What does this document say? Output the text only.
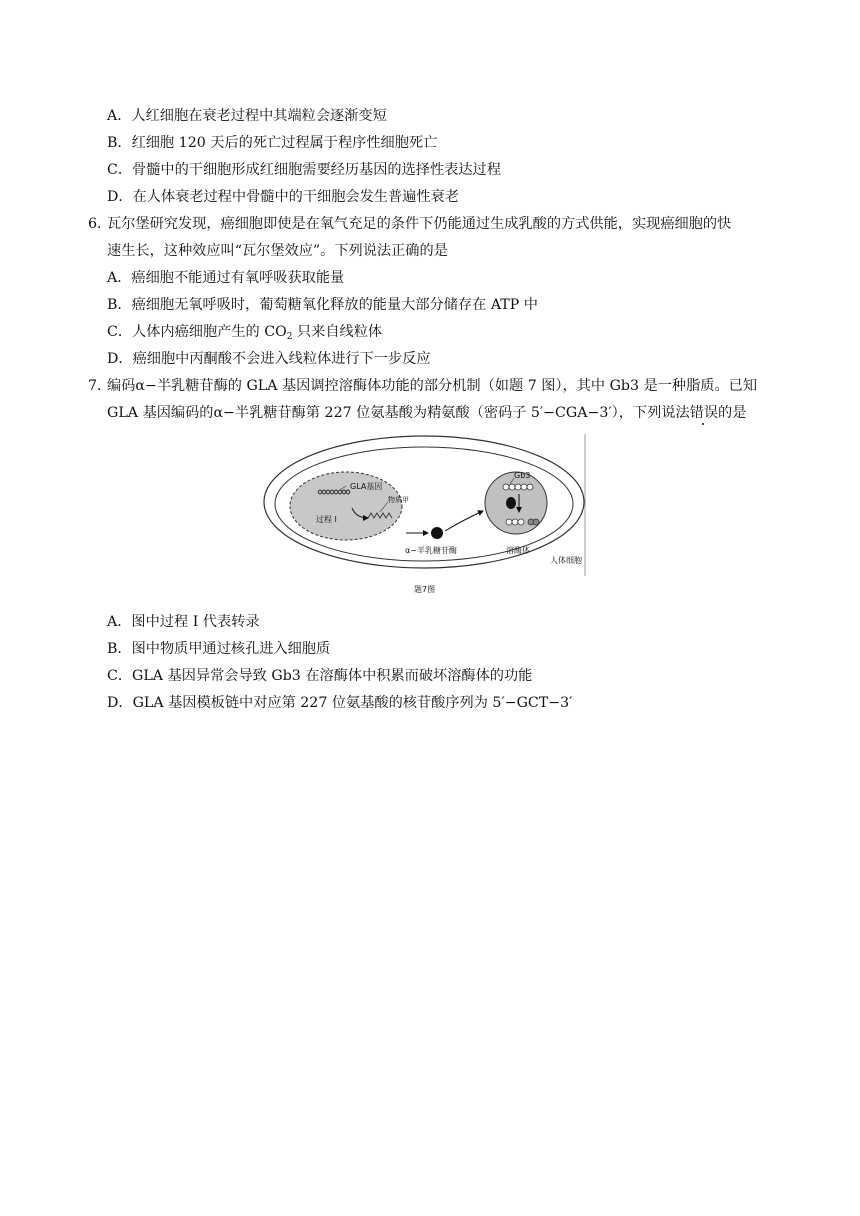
A．人红细胞在衰老过程中其端粒会逐渐变短
B．红细胞 120 天后的死亡过程属于程序性细胞死亡
C．骨髓中的干细胞形成红细胞需要经历基因的选择性表达过程
D．在人体衰老过程中骨髓中的干细胞会发生普遍性衰老
6．
瓦尔堡研究发现，癌细胞即使是在氧气充足的条件下仍能通过生成乳酸的方式供能，实现癌细胞的快
速生长，这种效应叫“瓦尔堡效应”。下列说法正确的是
A．癌细胞不能通过有氧呼吸获取能量
B．癌细胞无氧呼吸时，葡萄糖氧化释放的能量大部分储存在 ATP 中
C．人体内癌细胞产生的 $CO_2$ 只来自线粒体
D．癌细胞中丙酮酸不会进入线粒体进行下一步反应
7．
编码α−半乳糖苷酶的 GLA 基因调控溶酶体功能的部分机制（如题 7 图），其中 Gb3 是一种脂质。已知
GLA 基因编码的α−半乳糖苷酶第 227 位氨基酸为精氨酸（密码子 5′−CGA−3′），下列说法错误的是
GLA基因
物质甲
过程 I
α−半乳糖苷酶
Gb3
溶酶体
人体细胞
题7图
A．图中过程 I 代表转录
B．图中物质甲通过核孔进入细胞质
C．GLA 基因异常会导致 Gb3 在溶酶体中积累而破坏溶酶体的功能
D．GLA 基因模板链中对应第 227 位氨基酸的核苷酸序列为 5′−GCT−3′
